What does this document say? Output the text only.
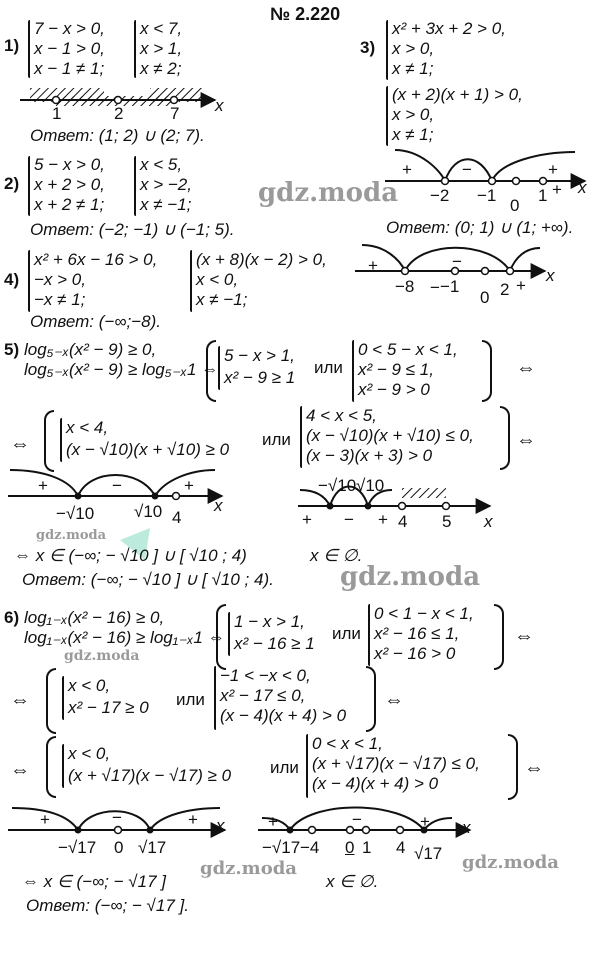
№ 2.220
1)
7 − x > 0,
x − 1 > 0,
x − 1 ≠ 1;
x < 7,
x > 1,
x ≠ 2;
x
1	2	7
Ответ: (1; 2) ∪ (2; 7).
2)
5 − x > 0,
x + 2 > 0,
x + 2 ≠ 1;
x < 5,
x > −2,
x ≠ −1;
Ответ: (−2; −1) ∪ (−1; 5).
3)
x² + 3x + 2 > 0,
x > 0,
x ≠ 1;
(x + 2)(x + 1) > 0,
x > 0,
x ≠ 1;
+	−	+
+ x
−2 −1
0
1
Ответ: (0; 1) ∪ (1; +∞).
4)
x² + 6x − 16 > 0,
−x > 0,
−x ≠ 1;
(x + 8)(x − 2) > 0,
x < 0,
x ≠ −1;
+	−
−	+
x
−8 −1
0 2
Ответ: (−∞;−8).
5) log₅₋ₓ(x² − 9) ≥ 0,
log₅₋ₓ(x² − 9) ≥ log₅₋ₓ1 ⇔
5 − x > 1,
x² − 9 ≥ 1
или
0 < 5 − x < 1,
x² − 9 ≤ 1,
x² − 9 > 0
⇔
⇔
x < 4,
(x − √10)(x + √10) ≥ 0
или
4 < x < 5,
(x − √10)(x + √10) ≤ 0,
(x − 3)(x + 3) > 0
⇔
+	−	+
x
−√10 √10 4
−√10 √10
4 5
+ − +	x
⇔ x ∈ (−∞; − √10 ] ∪ [ √10 ; 4)	x ∈ ∅.
Ответ: (−∞; − √10 ] ∪ [ √10 ; 4).
6) log₁₋ₓ(x² − 16) ≥ 0,
log₁₋ₓ(x² − 16) ≥ log₁₋ₓ1 ⇔
1 − x > 1,
x² − 16 ≥ 1
или
0 < 1 − x < 1,
x² − 16 ≤ 1,
x² − 16 > 0
⇔
⇔
x < 0,
x² − 17 ≥ 0 или
−1 < −x < 0,
x² − 17 ≤ 0,
(x − 4)(x + 4) > 0
⇔
⇔
x < 0,
(x + √17)(x − √17) ≥ 0 или
0 < x < 1,
(x + √17)(x − √17) ≤ 0,
(x − 4)(x + 4) > 0
⇔
+	−	+ x
−√17 0 √17
+	−	+ x
−√17 −4 0 1 4 √17
⇔ x ∈ (−∞; − √17 ]	x ∈ ∅.
Ответ: (−∞; − √17 ].
gdz.moda
gdz.moda
gdz.moda
gdz.moda
gdz.moda	gdz.moda
